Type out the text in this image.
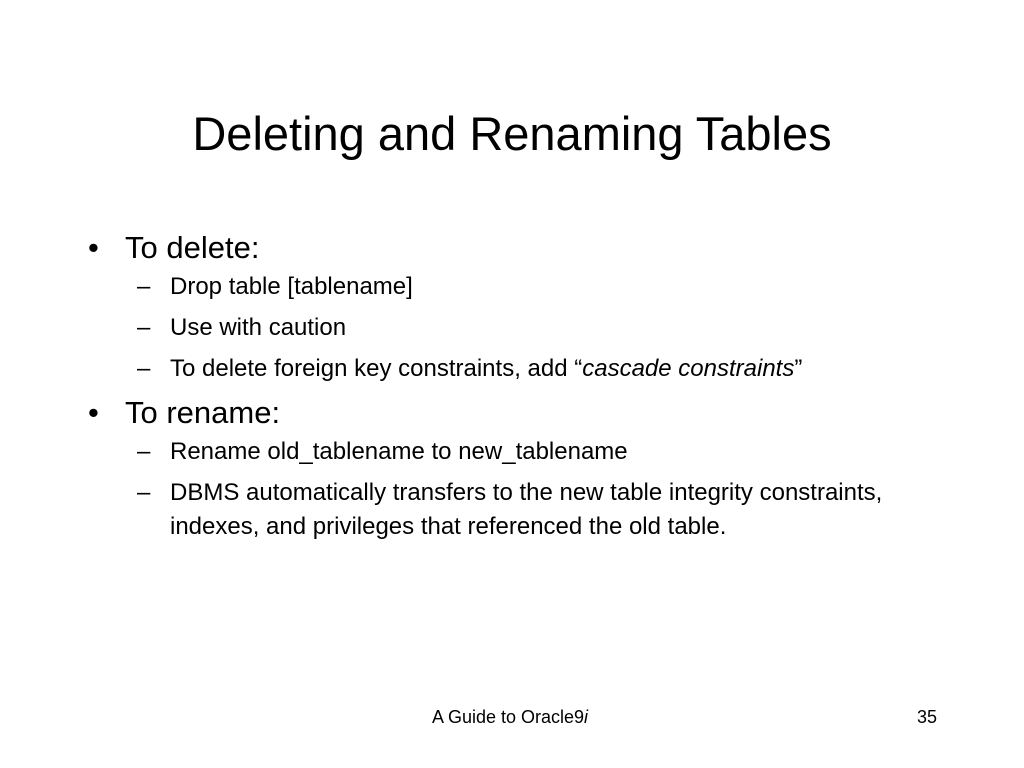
Deleting and Renaming Tables
• To delete:
– Drop table [tablename]
– Use with caution
– To delete foreign key constraints, add “cascade constraints”
• To rename:
– Rename old_tablename to new_tablename
– DBMS automatically transfers to the new table integrity constraints, indexes, and privileges that referenced the old table.
A Guide to Oracle9i	35
